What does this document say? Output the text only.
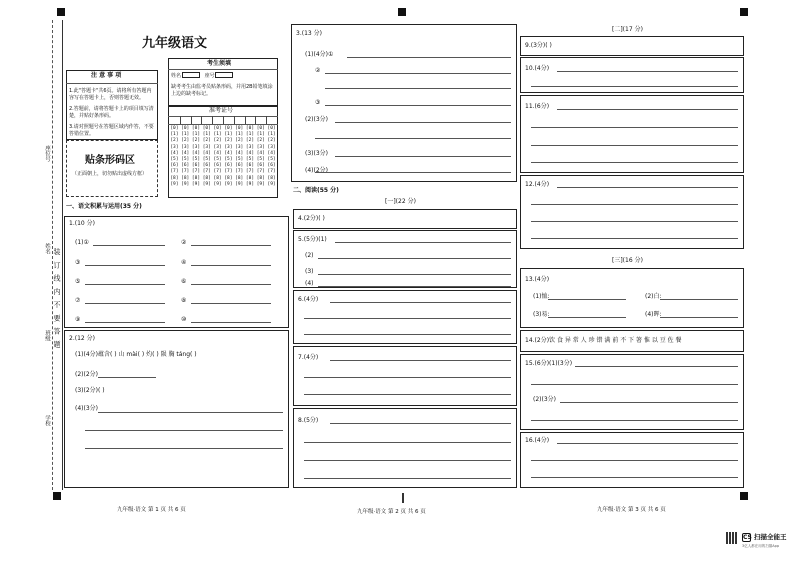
座位号
姓名 装 订 线 内 不 要 答 题
班级
学校
九年级语文
注 意 事 项
1.此"答题卡"共6页。请将所有答题内容写在答题卡上，否则答题无效。
2.答题前，请将答题卡上的项目填写清楚，并贴好条形码。
3.请对照题号在答题区域内作答，不要答错位置。
考生须填
姓名 座号
缺考考生由监考员贴条形码，并用2B铅笔填涂上边的缺考标记。
准考证号
[0] [0] [0] [0] [0] [0] [0] [0] [0] [0]
[1] [1] [1] [1] [1] [1] [1] [1] [1] [1]
[2] [2] [2] [2] [2] [2] [2] [2] [2] [2]
[3] [3] [3] [3] [3] [3] [3] [3] [3] [3]
[4] [4] [4] [4] [4] [4] [4] [4] [4] [4]
[5] [5] [5] [5] [5] [5] [5] [5] [5] [5]
[6] [6] [6] [6] [6] [6] [6] [6] [6] [6]
[7] [7] [7] [7] [7] [7] [7] [7] [7] [7]
[8] [8] [8] [8] [8] [8] [8] [8] [8] [8]
[9] [9] [9] [9] [9] [9] [9] [9] [9] [9]
贴条形码区
（正面朝上，切勿贴出虚线方框）
一、语文积累与运用(35 分)
1.(10 分)
(1)①	②
③	④
⑤	⑥
⑦	⑧
⑨	⑩
2.(12 分)
(1)(4分)蕴含( ) 山 mài( ) 灼( ) 陨 胸 táng( )
(2)(2分)
(3)(2分)( )
(4)(3分)
九年级·语文 第 1 页 共 6 页
3.(13 分)
(1)(4分)①
②
③
(2)(3分)
(3)(3分)
(4)(2分)
二、阅读(55 分)
[一](22 分)
4.(2分)( )
5.(5分)(1)
(2)
(3)
(4)
6.(4分)
7.(4分)
8.(5分)
九年级·语文 第 2 页 共 6 页
[二](17 分)
9.(3分)( )
10.(4分)
11.(6分)
12.(4分)
[三](16 分)
13.(4分)
(1)恤:	(2)白:
(3)易:	(4)晖:
14.(2分)饮 食 异 常 人 珍 错 满 前 不 下 箸 惟 以 豆 佐 餐
15.(6分)(1)(3分)
(2)(3分)
16.(4分)
九年级·语文 第 3 页 共 6 页
CS 扫描全能王
3亿人都在用的扫描App
